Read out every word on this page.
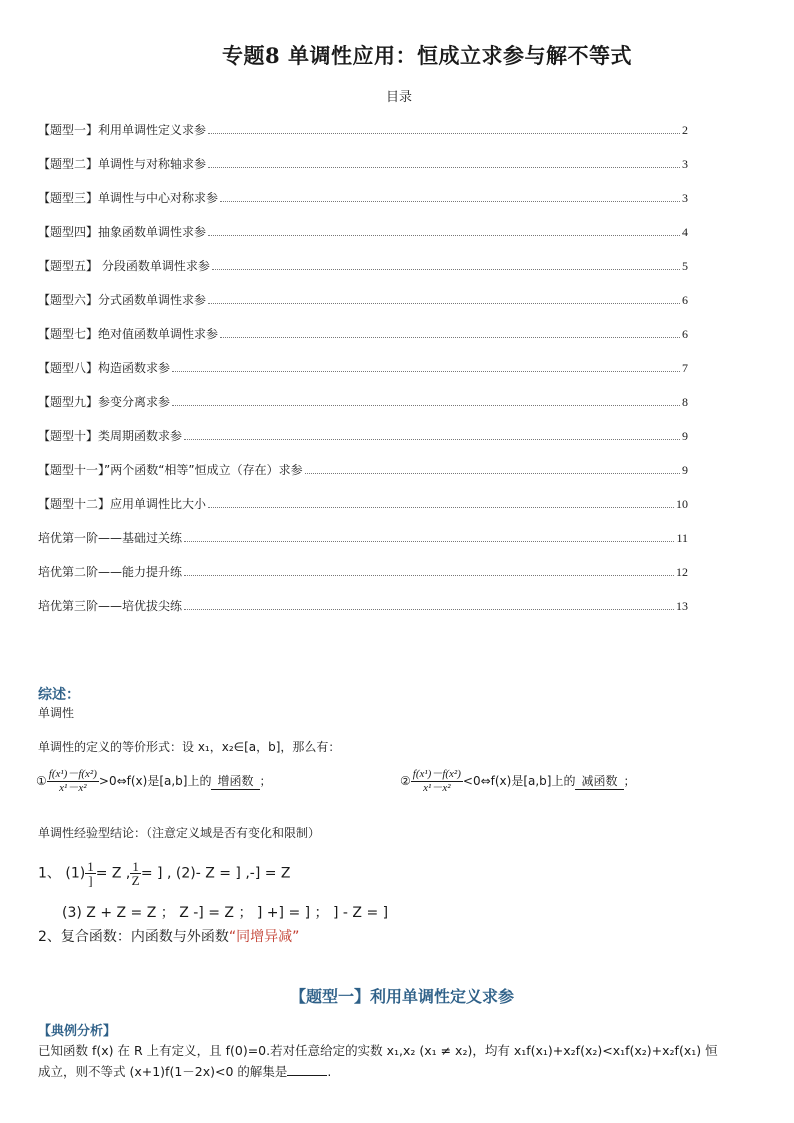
专题8 单调性应用：恒成立求参与解不等式
目录
【题型一】利用单调性定义求参	2
【题型二】单调性与对称轴求参	3
【题型三】单调性与中心对称求参	3
【题型四】抽象函数单调性求参	4
【题型五】 分段函数单调性求参	5
【题型六】分式函数单调性求参	6
【题型七】绝对值函数单调性求参	6
【题型八】构造函数求参	7
【题型九】参变分离求参	8
【题型十】类周期函数求参	9
【题型十一】”两个函数“相等”恒成立（存在）求参	9
【题型十二】应用单调性比大小	10
培优第一阶——基础过关练	11
培优第二阶——能力提升练	12
培优第三阶——培优拔尖练	13
综述：
单调性
单调性的定义的等价形式：设 x₁，x₂∈[a，b]，那么有：
① $\frac{\text{f(x¹)－f(x²)}}{\text{x¹－x²}}$ >0⇔f(x)是[a,b]上的 增函数 ；	② $\frac{\text{f(x¹)－f(x²)}}{\text{x¹－x²}}$ <0⇔f(x)是[a,b]上的 减函数 ；
单调性经验型结论：（注意定义域是否有变化和限制）
1、 $(1) \frac{1}{]} = Z$ , $\frac{1}{Z}$ = ] , (2)- Z = ] ,-] = Z
(3) Z + Z = Z ； Z -] = Z ； ] +] = ] ； ] - Z = ]
2、复合函数：内函数与外函数“同增异减”
【题型一】利用单调性定义求参
【典例分析】
已知函数 f(x) 在 R 上有定义，且 f(0)=0.若对任意给定的实数 x₁,x₂ (x₁ ≠ x₂)，均有 x₁f(x₁)+x₂f(x₂)<x₁f(x₂)+x₂f(x₁) 恒
成立，则不等式 (x+1)f(1－2x)<0 的解集是	.
